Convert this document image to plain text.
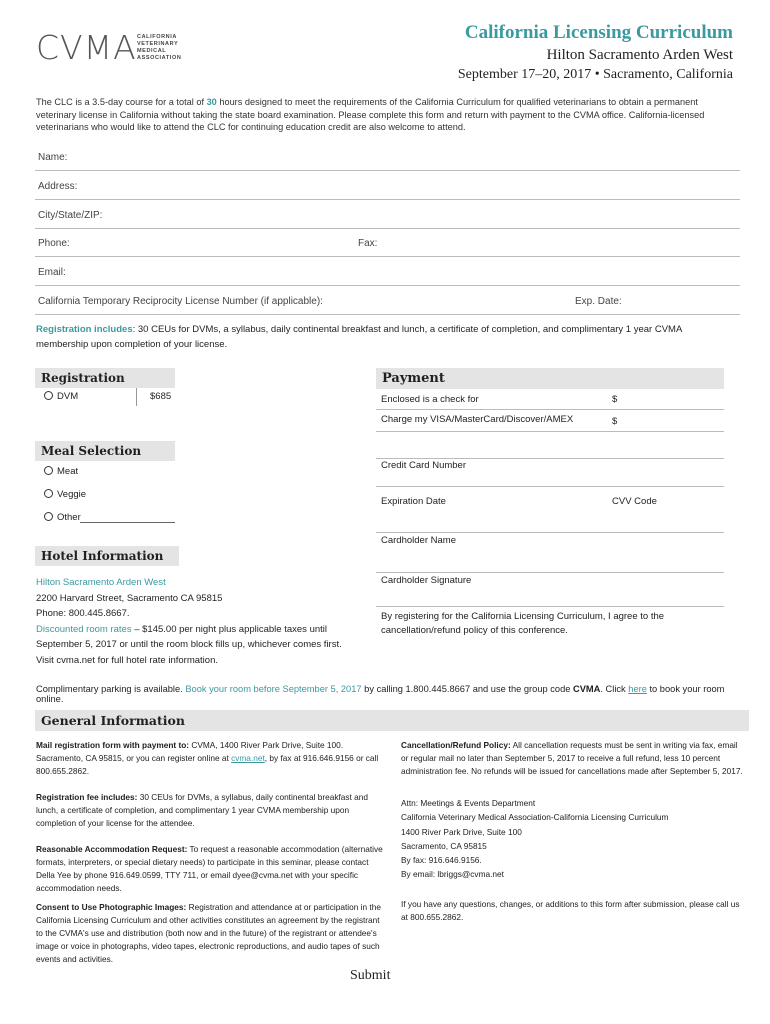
CVMA CALIFORNIA
VETERINARY
MEDICAL
ASSOCIATION
California Licensing Curriculum
Hilton Sacramento Arden West
September 17–20, 2017 • Sacramento, California
The CLC is a 3.5-day course for a total of 30 hours designed to meet the requirements of the California Curriculum for qualified veterinarians to obtain a permanent veterinary license in California without taking the state board examination. Please complete this form and return with payment to the CVMA office. California-licensed veterinarians who would like to attend the CLC for continuing education credit are also welcome to attend.
Name:
Address:
City/State/ZIP:
Phone:	Fax:
Email:
California Temporary Reciprocity License Number (if applicable):	Exp. Date:
Registration includes: 30 CEUs for DVMs, a syllabus, daily continental breakfast and lunch, a certificate of completion, and complimentary 1 year CVMA membership upon completion of your license.
Registration
DVM	$685
Meal Selection
Meat
Veggie
Other
Hotel Information
Hilton Sacramento Arden West
2200 Harvard Street, Sacramento CA 95815
Phone: 800.445.8667.
Discounted room rates – $145.00 per night plus applicable taxes until
September 5, 2017 or until the room block fills up, whichever comes first.
Visit cvma.net for full hotel rate information.
Payment
Enclosed is a check for	$
Charge my VISA/MasterCard/Discover/AMEX	$
Credit Card Number
Expiration Date	CVV Code
Cardholder Name
Cardholder Signature
By registering for the California Licensing Curriculum, I agree to the cancellation/refund policy of this conference.
Complimentary parking is available. Book your room before September 5, 2017 by calling 1.800.445.8667 and use the group code CVMA. Click here to book your room online.
General Information
Mail registration form with payment to: CVMA, 1400 River Park Drive, Suite 100. Sacramento, CA 95815, or you can register online at cvma.net, by fax at 916.646.9156 or call 800.655.2862.
Registration fee includes: 30 CEUs for DVMs, a syllabus, daily continental breakfast and lunch, a certificate of completion, and complimentary 1 year CVMA membership upon completion of your license for the attendee.
Reasonable Accommodation Request: To request a reasonable accommodation (alternative formats, interpreters, or special dietary needs) to participate in this seminar, please contact Della Yee by phone 916.649.0599, TTY 711, or email dyee@cvma.net with your specific accommodation needs.
Consent to Use Photographic Images: Registration and attendance at or participation in the California Licensing Curriculum and other activities constitutes an agreement by the registrant to the CVMA's use and distribution (both now and in the future) of the registrant or attendee's image or voice in photographs, video tapes, electronic reproductions, and audio tapes of such events and activities.
Cancellation/Refund Policy: All cancellation requests must be sent in writing via fax, email or regular mail no later than September 5, 2017 to receive a full refund, less 10 percent administration fee. No refunds will be issued for cancellations made after September 5, 2017.
Attn: Meetings & Events Department
California Veterinary Medical Association-California Licensing Curriculum
1400 River Park Drive, Suite 100
Sacramento, CA 95815
By fax: 916.646.9156.
By email: lbriggs@cvma.net
If you have any questions, changes, or additions to this form after submission, please call us at 800.655.2862.
Submit
